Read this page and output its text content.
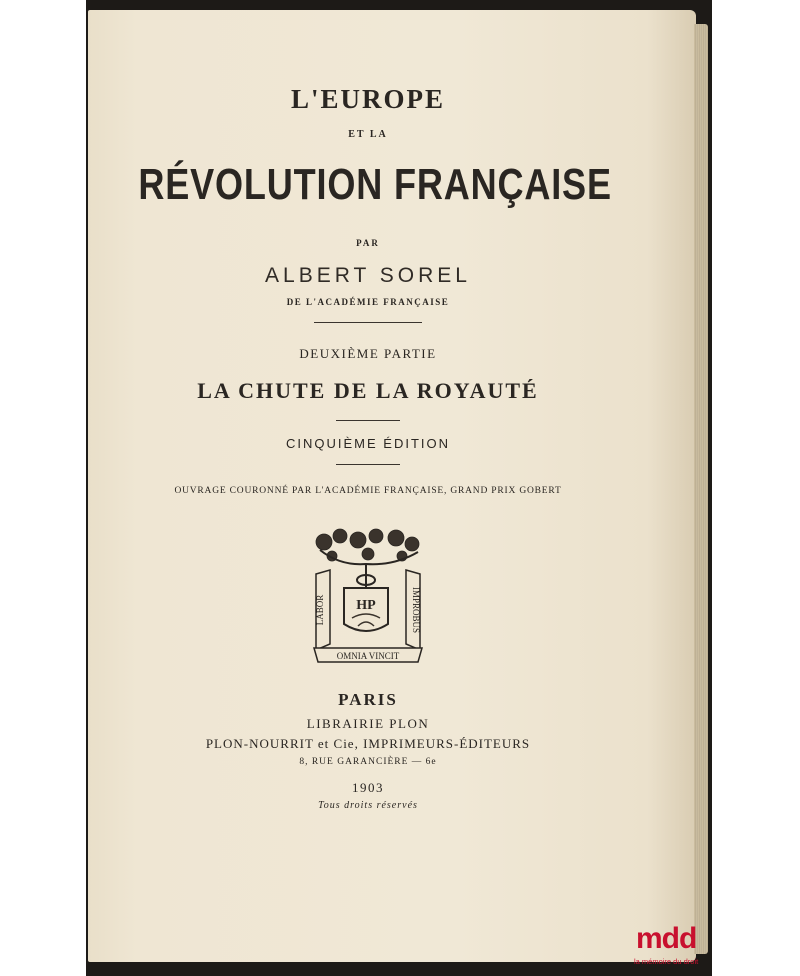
L'EUROPE
ET LA
RÉVOLUTION FRANÇAISE
PAR
ALBERT SOREL
DE L'ACADÉMIE FRANÇAISE
DEUXIÈME PARTIE
LA CHUTE DE LA ROYAUTÉ
CINQUIÈME ÉDITION
OUVRAGE COURONNÉ PAR L'ACADÉMIE FRANÇAISE, GRAND PRIX GOBERT
HP
LABOR	IMPROBUS
OMNIA VINCIT
PARIS
LIBRAIRIE PLON
PLON-NOURRIT et Cie, IMPRIMEURS-ÉDITEURS
8, RUE GARANCIÈRE — 6e
1903
Tous droits réservés
mdd
la mémoire du droit
